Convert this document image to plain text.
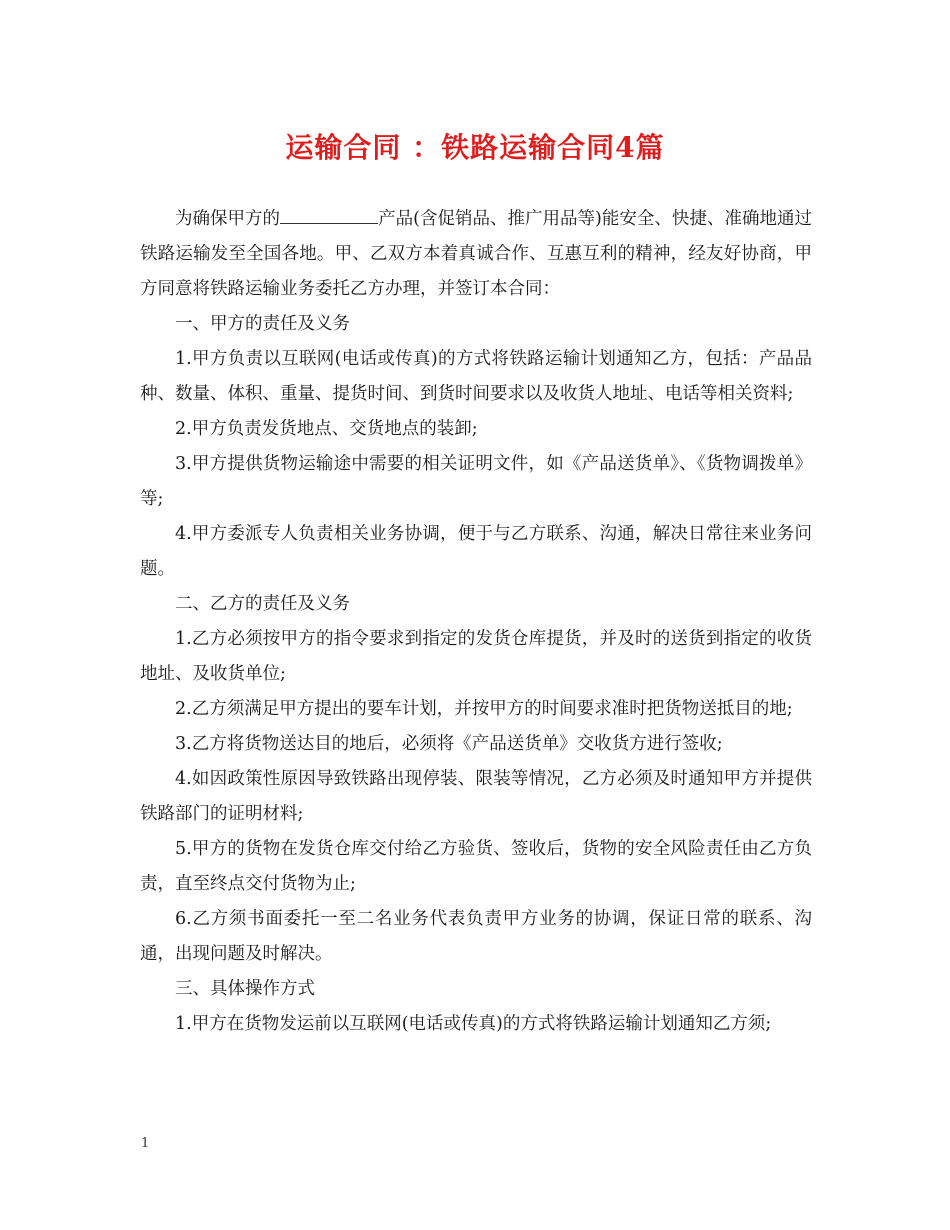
运输合同 ：铁路运输合同4篇

为确保甲方的	产品(含促销品、推广用品等)能安全、快捷、准确地通过铁路运输发至全国各地。甲、乙双方本着真诚合作、互惠互利的精神，经友好协商，甲方同意将铁路运输业务委托乙方办理，并签订本合同：

一、甲方的责任及义务

1.甲方负责以互联网(电话或传真)的方式将铁路运输计划通知乙方，包括：产品品种、数量、体积、重量、提货时间、到货时间要求以及收货人地址、电话等相关资料;

2.甲方负责发货地点、交货地点的装卸;

3.甲方提供货物运输途中需要的相关证明文件，如《产品送货单》、《货物调拨单》等;

4.甲方委派专人负责相关业务协调，便于与乙方联系、沟通，解决日常往来业务问题。

二、乙方的责任及义务

1.乙方必须按甲方的指令要求到指定的发货仓库提货，并及时的送货到指定的收货地址、及收货单位;

2.乙方须满足甲方提出的要车计划，并按甲方的时间要求准时把货物送抵目的地;

3.乙方将货物送达目的地后，必须将《产品送货单》交收货方进行签收;

4.如因政策性原因导致铁路出现停装、限装等情况，乙方必须及时通知甲方并提供铁路部门的证明材料;

5.甲方的货物在发货仓库交付给乙方验货、签收后，货物的安全风险责任由乙方负责，直至终点交付货物为止;

6.乙方须书面委托一至二名业务代表负责甲方业务的协调，保证日常的联系、沟通，出现问题及时解决。

三、具体操作方式

1.甲方在货物发运前以互联网(电话或传真)的方式将铁路运输计划通知乙方须;

1
